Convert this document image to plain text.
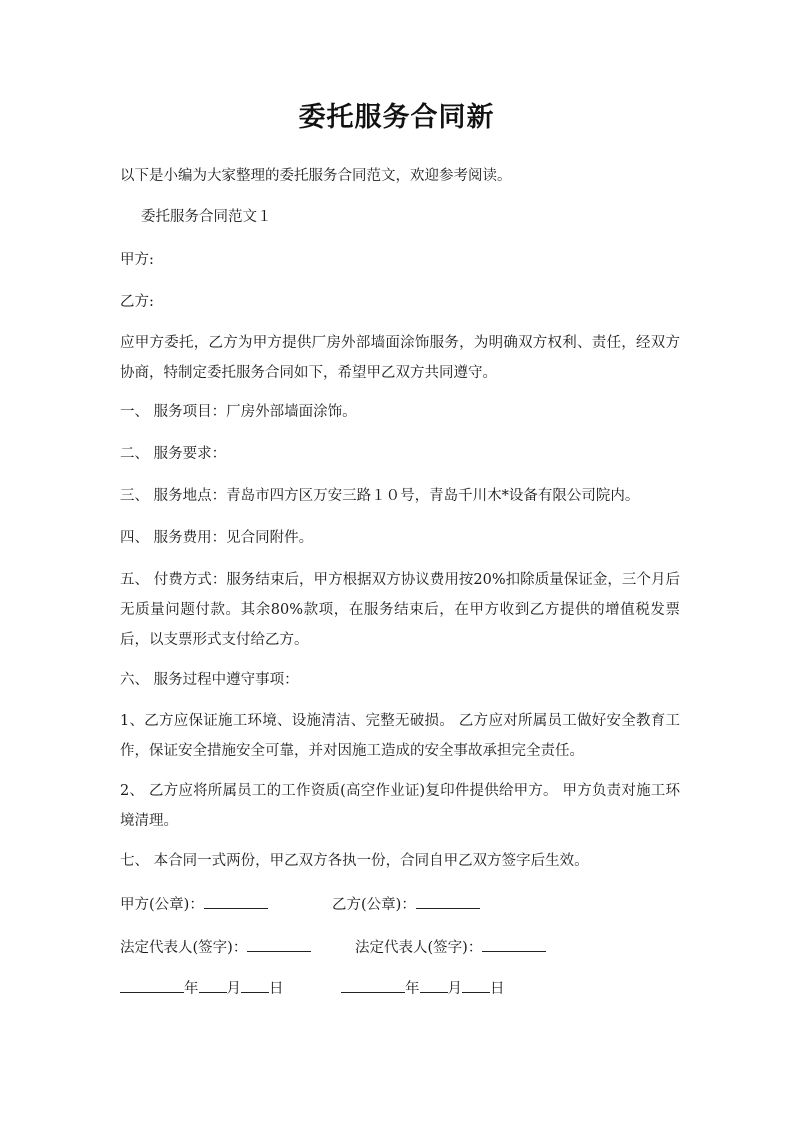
委托服务合同新
以下是小编为大家整理的委托服务合同范文，欢迎参考阅读。
委托服务合同范文１
甲方:
乙方:
应甲方委托，乙方为甲方提供厂房外部墙面涂饰服务，为明确双方权利、责任，经双方协商，特制定委托服务合同如下，希望甲乙双方共同遵守。
一、 服务项目：厂房外部墙面涂饰。
二、 服务要求：
三、 服务地点：青岛市四方区万安三路１０号，青岛千川木*设备有限公司院内。
四、 服务费用：见合同附件。
五、 付费方式：服务结束后，甲方根据双方协议费用按20%扣除质量保证金，三个月后无质量问题付款。其余80%款项，在服务结束后，在甲方收到乙方提供的增值税发票后，以支票形式支付给乙方。
六、 服务过程中遵守事项：
1、乙方应保证施工环境、设施清洁、完整无破损。 乙方应对所属员工做好安全教育工作，保证安全措施安全可靠，并对因施工造成的安全事故承担完全责任。
2、 乙方应将所属员工的工作资质(高空作业证)复印件提供给甲方。 甲方负责对施工环境清理。
七、 本合同一式两份，甲乙双方各执一份，合同自甲乙双方签字后生效。
甲方(公章)：	乙方(公章)：
法定代表人(签字)：	法定代表人(签字)：
年 月 日	年 月 日
